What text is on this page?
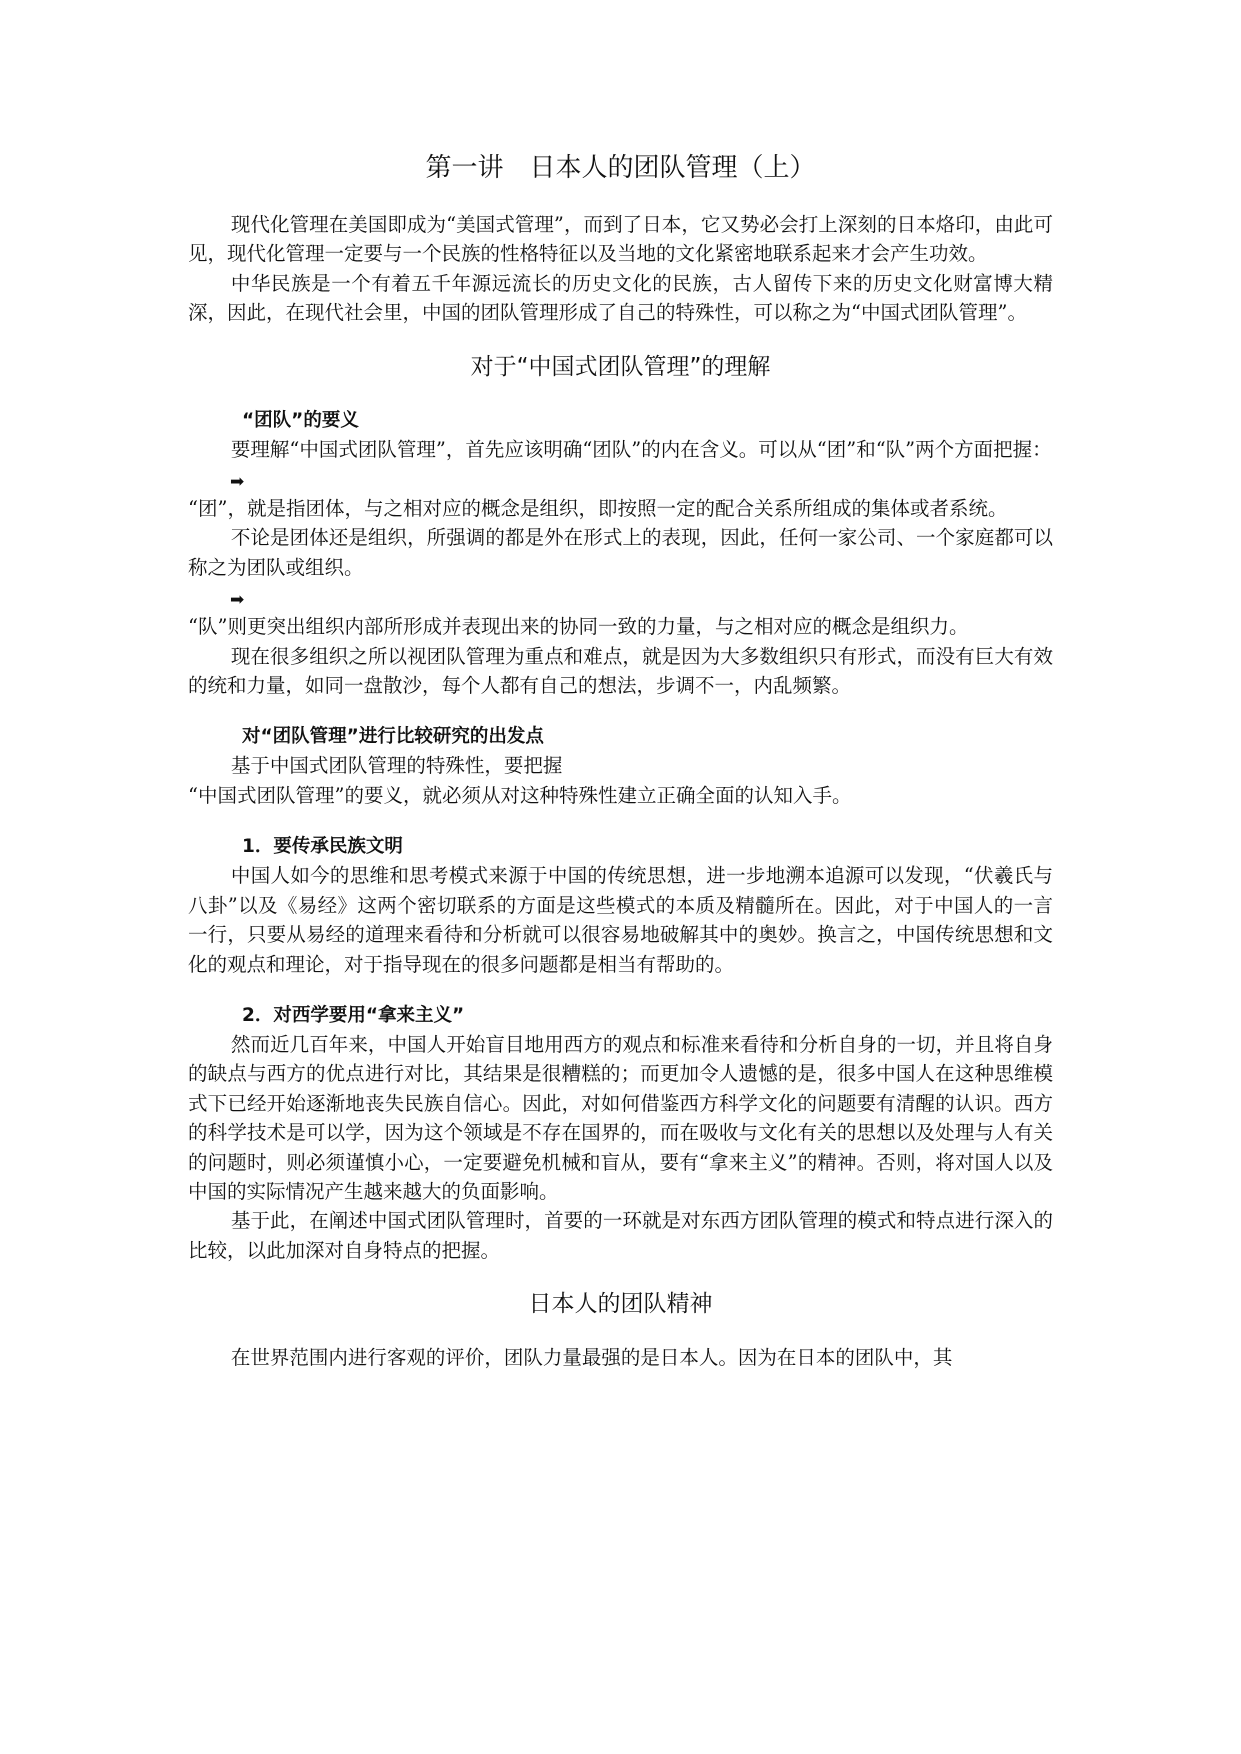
第一讲　日本人的团队管理（上）

现代化管理在美国即成为“美国式管理”，而到了日本，它又势必会打上深刻的日本烙印，由此可见，现代化管理一定要与一个民族的性格特征以及当地的文化紧密地联系起来才会产生功效。

中华民族是一个有着五千年源远流长的历史文化的民族，古人留传下来的历史文化财富博大精深，因此，在现代社会里，中国的团队管理形成了自己的特殊性，可以称之为“中国式团队管理”。

对于“中国式团队管理”的理解
“团队”的要义

要理解“中国式团队管理”，首先应该明确“团队”的内在含义。可以从“团”和“队”两个方面把握：

➡

“团”，就是指团体，与之相对应的概念是组织，即按照一定的配合关系所组成的集体或者系统。

不论是团体还是组织，所强调的都是外在形式上的表现，因此，任何一家公司、一个家庭都可以称之为团队或组织。

➡

“队”则更突出组织内部所形成并表现出来的协同一致的力量，与之相对应的概念是组织力。

现在很多组织之所以视团队管理为重点和难点，就是因为大多数组织只有形式，而没有巨大有效的统和力量，如同一盘散沙，每个人都有自己的想法，步调不一，内乱频繁。

对“团队管理”进行比较研究的出发点

基于中国式团队管理的特殊性，要把握

“中国式团队管理”的要义，就必须从对这种特殊性建立正确全面的认知入手。

1．要传承民族文明

中国人如今的思维和思考模式来源于中国的传统思想，进一步地溯本追源可以发现，“伏羲氏与八卦”以及《易经》这两个密切联系的方面是这些模式的本质及精髓所在。因此，对于中国人的一言一行，只要从易经的道理来看待和分析就可以很容易地破解其中的奥妙。换言之，中国传统思想和文化的观点和理论，对于指导现在的很多问题都是相当有帮助的。

2．对西学要用“拿来主义”

然而近几百年来，中国人开始盲目地用西方的观点和标准来看待和分析自身的一切，并且将自身的缺点与西方的优点进行对比，其结果是很糟糕的；而更加令人遗憾的是，很多中国人在这种思维模式下已经开始逐渐地丧失民族自信心。因此，对如何借鉴西方科学文化的问题要有清醒的认识。西方的科学技术是可以学，因为这个领域是不存在国界的，而在吸收与文化有关的思想以及处理与人有关的问题时，则必须谨慎小心，一定要避免机械和盲从，要有“拿来主义”的精神。否则，将对国人以及中国的实际情况产生越来越大的负面影响。

基于此，在阐述中国式团队管理时，首要的一环就是对东西方团队管理的模式和特点进行深入的比较，以此加深对自身特点的把握。

日本人的团队精神

在世界范围内进行客观的评价，团队力量最强的是日本人。因为在日本的团队中，其
